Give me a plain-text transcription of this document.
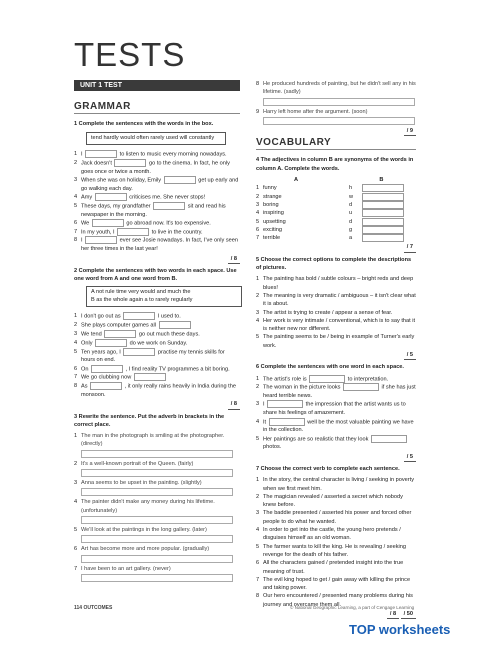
TESTS
UNIT 1 TEST
GRAMMAR
1 Complete the sentences with the words in the box.
tend hardly would often rarely used will constantly
1 I	to listen to music every morning nowadays.
2 Jack doesn't	go to the cinema. In fact, he only goes once or twice a month.
3 When she was on holiday, Emily	get up early and go walking each day.
4 Amy	criticises me. She never stops!
5 These days, my grandfather	sit and read his newspaper in the morning.
6 We	go abroad now. It's too expensive.
7 In my youth, I	to live in the country.
8 I	ever see Josie nowadays. In fact, I've only seen her three times in the last year!
/ 8
2 Complete the sentences with two words in each space. Use one word from A and one word from B.
A not rule time very would and much the
B as the whole again a to rarely regularly
1 I don't go out as	I used to.
2 She plays computer games all
3 We tend	go out much these days.
4 Only	do we work on Sunday.
5 Ten years ago, I	practise my tennis skills for hours on end.
6 On	, I find reality TV programmes a bit boring.
7 We go clubbing now
8 As	, it only really rains heavily in India during the monsoon.
/ 8
3 Rewrite the sentence. Put the adverb in brackets in the correct place.
1 The man in the photograph is smiling at the photographer. (directly)
2 It's a well-known portrait of the Queen. (fairly)
3 Anna seems to be upset in the painting. (slightly)
4 The painter didn't make any money during his lifetime. (unfortunately)
5 We'll look at the paintings in the long gallery. (later)
6 Art has become more and more popular. (gradually)
7 I have been to an art gallery. (never)
8 He produced hundreds of painting, but he didn't sell any in his lifetime. (sadly)
9 Harry left home after the argument. (soon)
/ 9
VOCABULARY
4 The adjectives in column B are synonyms of the words in column A. Complete the words.
A	B
1 funny	h
2 strange	w
3 boring	d
4 inspiring	u
5 upsetting	d
6 exciting	g
7 terrible	a
/ 7
5 Choose the correct options to complete the descriptions of pictures.
1 The painting has bold / subtle colours – bright reds and deep blues!
2 The meaning is very dramatic / ambiguous – it isn't clear what it is about.
3 The artist is trying to create / appear a sense of fear.
4 Her work is very intimate / conventional, which is to say that it is neither new nor different.
5 The painting seems to be / being in example of Turner's early work.
/ 5
6 Complete the sentences with one word in each space.
1 The artist's role is	to interpretation.
2 The woman in the picture looks	if she has just heard terrible news.
3 I	the impression that the artist wants us to share his feelings of amazement.
4 It	well be the most valuable painting we have in the collection.
5 Her paintings are so realistic that they look  photos.
/ 5
7 Choose the correct verb to complete each sentence.
1 In the story, the central character is living / seeking in poverty when we first meet him.
2 The magician revealed / asserted a secret which nobody knew before.
3 The baddie presented / asserted his power and forced other people to do what he wanted.
4 In order to get into the castle, the young hero pretends / disguises himself as an old woman.
5 The farmer wants to kill the king. He is revealing / seeking revenge for the death of his father.
6 All the characters gained / pretended insight into the true meaning of trust.
7 The evil king hoped to get / gain away with killing the prince and taking power.
8 Our hero encountered / presented many problems during his journey and overcame them all.
/ 8 / 50
114 OUTCOMES	© National Geographic Learning, a part of Cengage Learning
TOP worksheets
